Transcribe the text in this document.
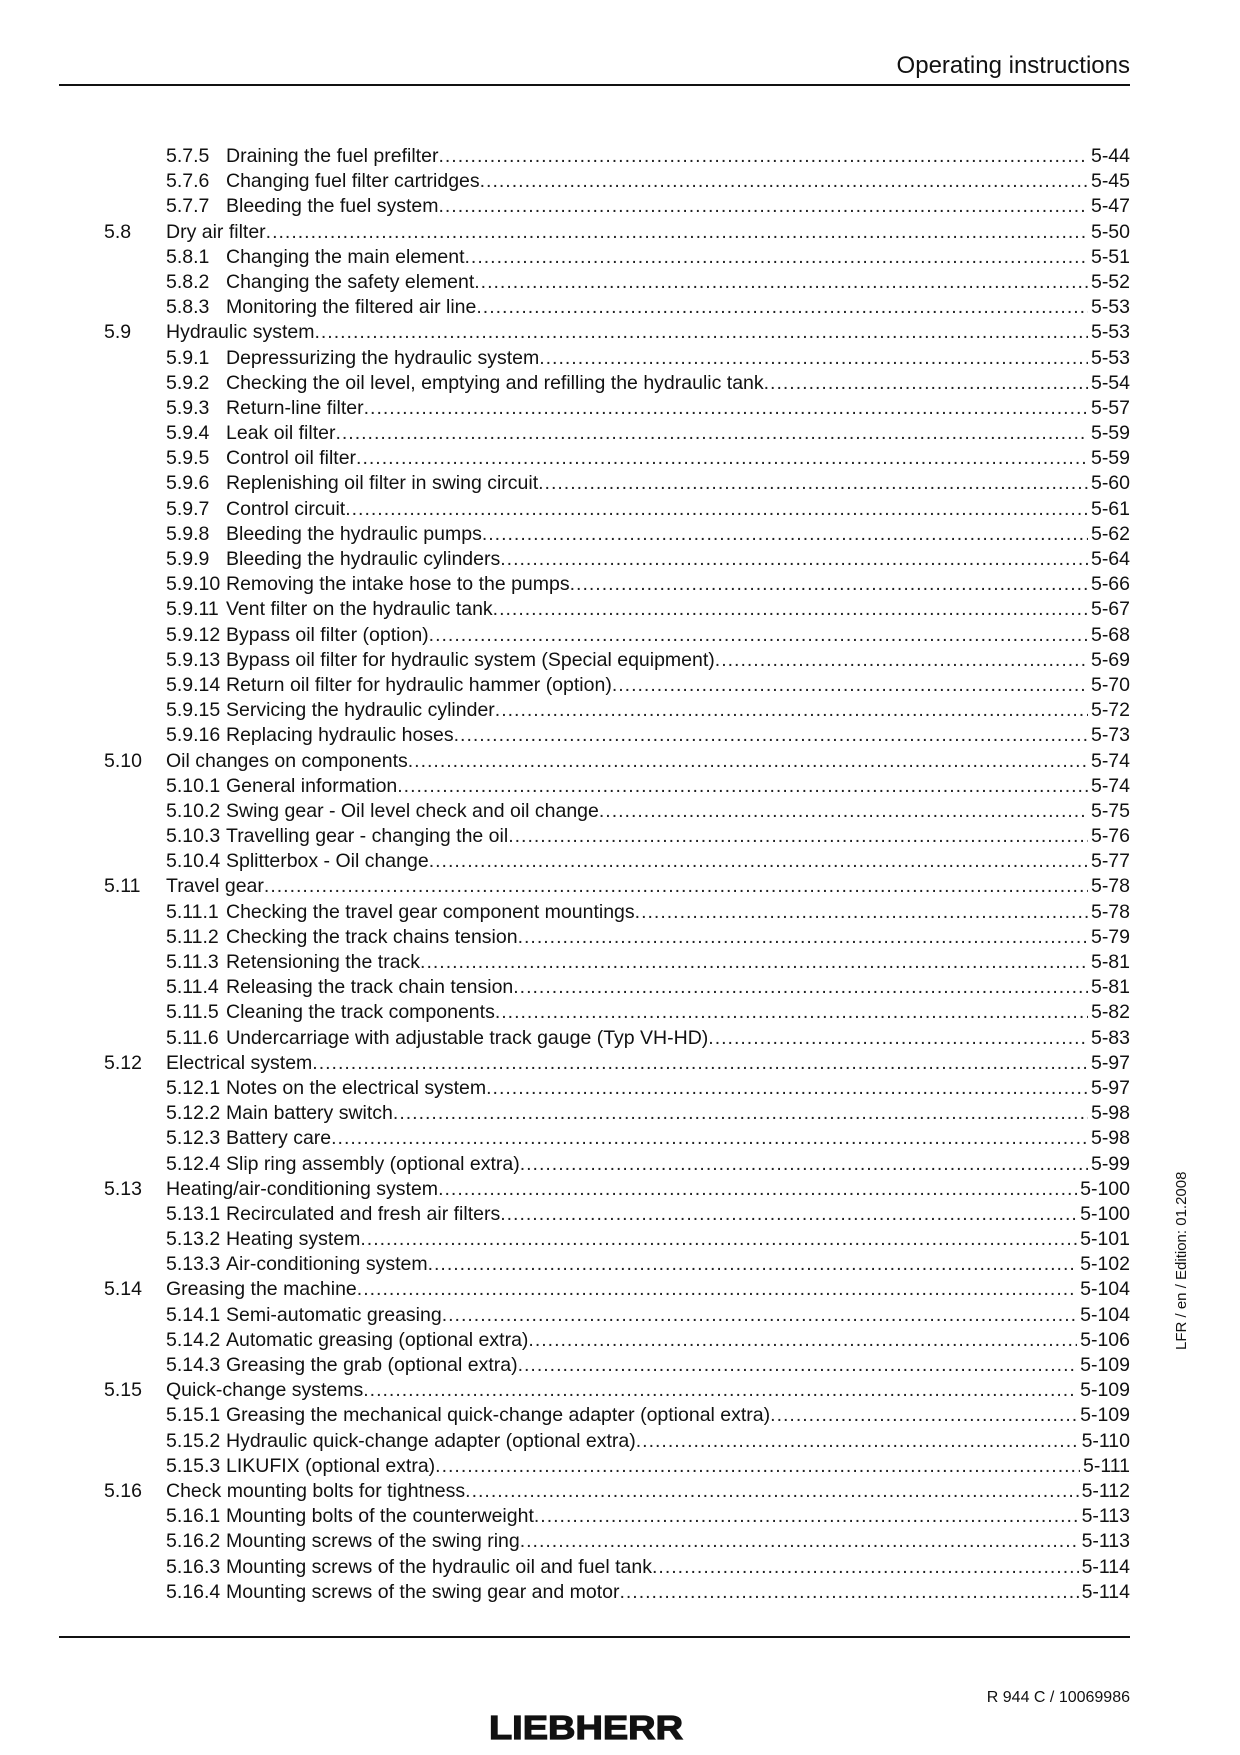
Operating instructions
5.7.5 Draining the fuel prefilter .....	5-44
5.7.6 Changing fuel filter cartridges .....	5-45
5.7.7 Bleeding the fuel system .....	5-47
5.8 Dry air filter .....	5-50
5.8.1 Changing the main element .....	5-51
5.8.2 Changing the safety element .....	5-52
5.8.3 Monitoring the filtered air line .....	5-53
5.9 Hydraulic system .....	5-53
5.9.1 Depressurizing the hydraulic system .....	5-53
5.9.2 Checking the oil level, emptying and refilling the hydraulic tank .....	5-54
5.9.3 Return-line filter .....	5-57
5.9.4 Leak oil filter .....	5-59
5.9.5 Control oil filter .....	5-59
5.9.6 Replenishing oil filter in swing circuit .....	5-60
5.9.7 Control circuit .....	5-61
5.9.8 Bleeding the hydraulic pumps .....	5-62
5.9.9 Bleeding the hydraulic cylinders .....	5-64
5.9.10 Removing the intake hose to the pumps .....	5-66
5.9.11 Vent filter on the hydraulic tank .....	5-67
5.9.12 Bypass oil filter (option) .....	5-68
5.9.13 Bypass oil filter for hydraulic system (Special equipment) .....	5-69
5.9.14 Return oil filter for hydraulic hammer (option) .....	5-70
5.9.15 Servicing the hydraulic cylinder .....	5-72
5.9.16 Replacing hydraulic hoses .....	5-73
5.10 Oil changes on components .....	5-74
5.10.1 General information .....	5-74
5.10.2 Swing gear - Oil level check and oil change .....	5-75
5.10.3 Travelling gear - changing the oil .....	5-76
5.10.4 Splitterbox - Oil change .....	5-77
5.11 Travel gear .....	5-78
5.11.1 Checking the travel gear component mountings .....	5-78
5.11.2 Checking the track chains tension .....	5-79
5.11.3 Retensioning the track .....	5-81
5.11.4 Releasing the track chain tension .....	5-81
5.11.5 Cleaning the track components .....	5-82
5.11.6 Undercarriage with adjustable track gauge (Typ VH-HD) .....	5-83
5.12 Electrical system .....	5-97
5.12.1 Notes on the electrical system .....	5-97
5.12.2 Main battery switch .....	5-98
5.12.3 Battery care .....	5-98
5.12.4 Slip ring assembly (optional extra) .....	5-99
5.13 Heating/air-conditioning system .....	5-100
5.13.1 Recirculated and fresh air filters .....	5-100
5.13.2 Heating system .....	5-101
5.13.3 Air-conditioning system .....	5-102
5.14 Greasing the machine .....	5-104
5.14.1 Semi-automatic greasing .....	5-104
5.14.2 Automatic greasing (optional extra) .....	5-106
5.14.3 Greasing the grab (optional extra) .....	5-109
5.15 Quick-change systems .....	5-109
5.15.1 Greasing the mechanical quick-change adapter (optional extra) .....	5-109
5.15.2 Hydraulic quick-change adapter (optional extra) .....	5-110
5.15.3 LIKUFIX (optional extra) .....	5-111
5.16 Check mounting bolts for tightness .....	5-112
5.16.1 Mounting bolts of the counterweight .....	5-113
5.16.2 Mounting screws of the swing ring .....	5-113
5.16.3 Mounting screws of the hydraulic oil and fuel tank .....	5-114
5.16.4 Mounting screws of the swing gear and motor .....	5-114
LFR / en / Edition: 01.2008
R 944 C / 10069986
LIEBHERR
